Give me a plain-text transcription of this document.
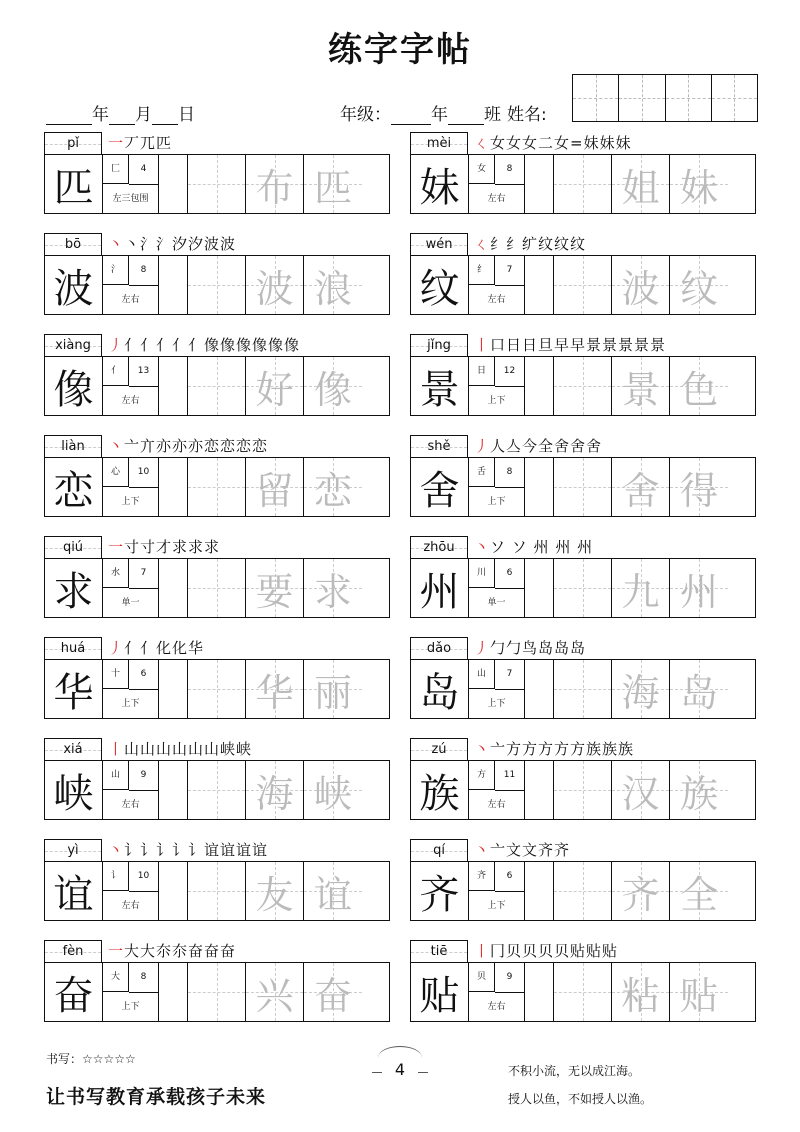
练字字帖
年 月 日	年级： 年 班 姓名:
pǐ	一丆兀匹
匹	匚	4
左三包围	布 匹
mèi	ㄑ女女女二女=妹妹妹
妹	女	8
左右	姐 妹
bō	丶丶氵氵汐汐波波
波	氵	8
左右	波 浪
wén	ㄑ纟纟纩纹纹纹
纹	纟	7
左右	波 纹
xiàng	丿亻亻亻亻亻像像像像像像
像	亻	13
左右	好 像
jǐng	丨口日日旦早早景景景景景
景	日	12
上下	景 色
liàn	丶亠亣亦亦亦恋恋恋恋
恋	心	10
上下	留 恋
shě	丿人亼今全舍舍舍
舍	舌	8
上下	舍 得
qiú	一寸寸才求求求
求	水	7
单一	要 求
zhōu	丶ソ ソ 州 州 州
州	川	6
单一	九 州
huá	丿亻亻化化华
华	十	6
上下	华 丽
dǎo	丿勹勹鸟岛岛岛
岛	山	7
上下	海 岛
xiá	丨山山山山山山峡峡
峡	山	9
左右	海 峡
zú	丶亠方方方方方族族族
族	方	11
左右	汉 族
yì	丶讠讠讠讠讠谊谊谊谊
谊	讠	10
左右	友 谊
qí	丶亠文文齐齐
齐	齐	6
上下	齐 全
fèn	一大大夵夵奋奋奋
奋	大	8
上下	兴 奋
tiē	丨冂贝贝贝贝贴贴贴
贴	贝	9
左右	粘 贴
书写：☆☆☆☆☆
让书写教育承载孩子未来
4	不积小流，无以成江海。
授人以鱼，不如授人以渔。
